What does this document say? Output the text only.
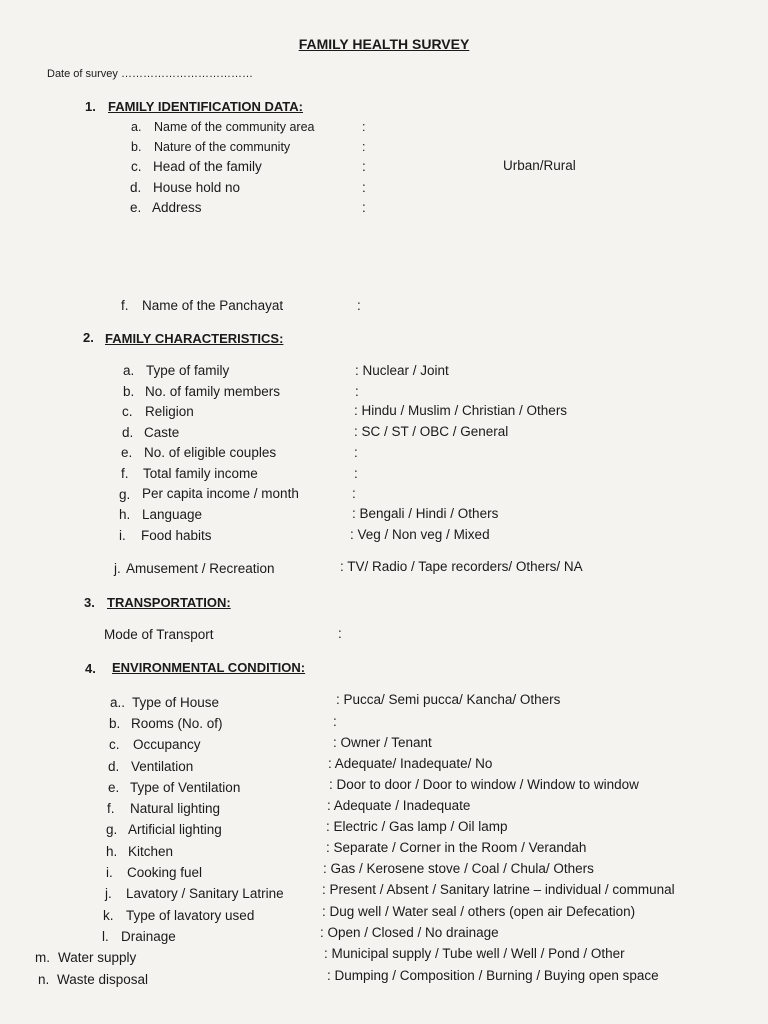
FAMILY HEALTH SURVEY
Date of survey ………………………………
1. FAMILY IDENTIFICATION DATA:
a. Name of the community area	:
b. Nature of the community	:
c. Head of the family	:	Urban/Rural
d. House hold no	:
e. Address	:
f. Name of the Panchayat	:
2. FAMILY CHARACTERISTICS:
a. Type of family	: Nuclear / Joint
b. No. of family members	:
c. Religion	: Hindu / Muslim / Christian / Others
d. Caste	: SC / ST / OBC / General
e. No. of eligible couples	:
f. Total family income	:
g. Per capita income / month	:
h. Language	: Bengali / Hindi / Others
i. Food habits	: Veg / Non veg / Mixed
j. Amusement / Recreation	: TV/ Radio / Tape recorders/ Others/ NA
3. TRANSPORTATION:
Mode of Transport	:
4. ENVIRONMENTAL CONDITION:
a.. Type of House	: Pucca/ Semi pucca/ Kancha/ Others
b. Rooms (No. of)	:
c. Occupancy	: Owner / Tenant
d. Ventilation	: Adequate/ Inadequate/ No
e. Type of Ventilation	: Door to door / Door to window / Window to window
f. Natural lighting	: Adequate / Inadequate
g. Artificial lighting	: Electric / Gas lamp / Oil lamp
h. Kitchen	: Separate / Corner in the Room / Verandah
i. Cooking fuel	: Gas / Kerosene stove / Coal / Chula/ Others
j. Lavatory / Sanitary Latrine	: Present / Absent / Sanitary latrine – individual / communal
k. Type of lavatory used	: Dug well / Water seal / others (open air Defecation)
l. Drainage	: Open / Closed / No drainage
m. Water supply	: Municipal supply / Tube well / Well / Pond / Other
n. Waste disposal	: Dumping / Composition / Burning / Buying open space
